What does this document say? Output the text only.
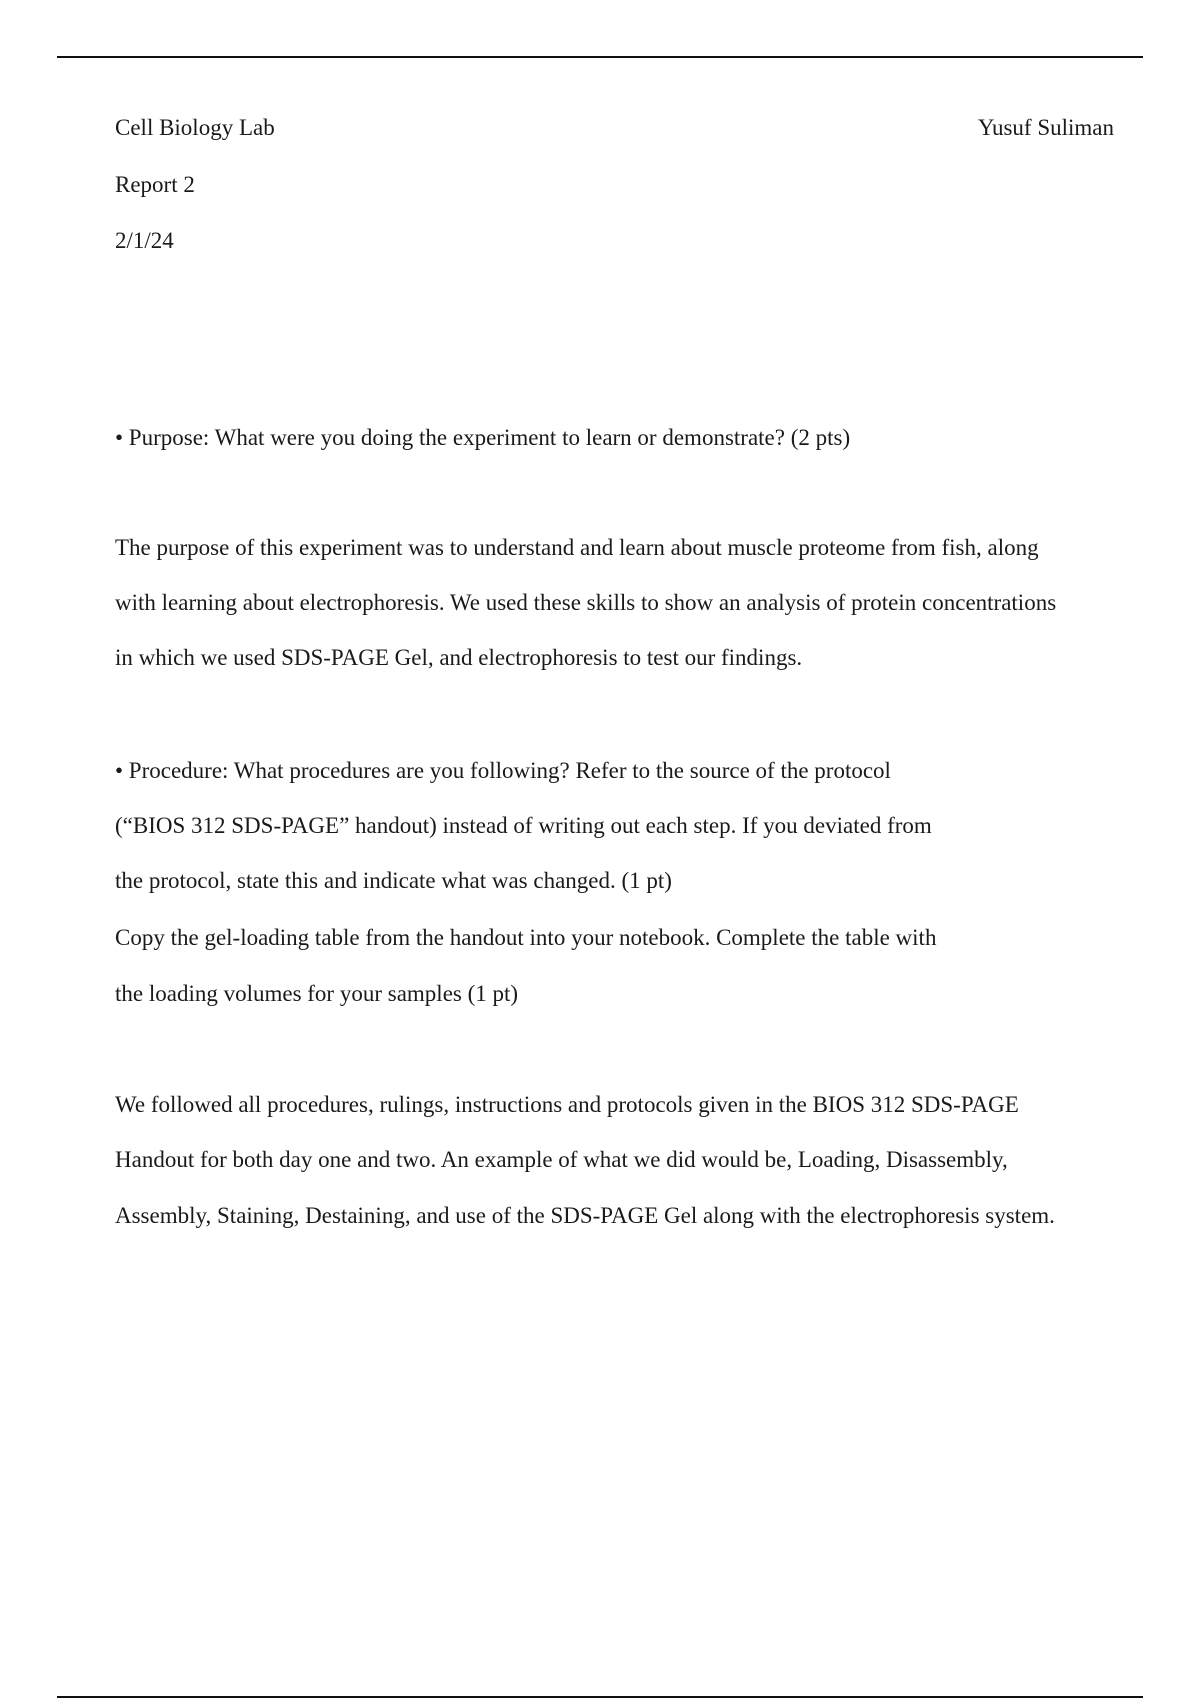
Cell Biology Lab	Yusuf Suliman
Report 2
2/1/24
• Purpose: What were you doing the experiment to learn or demonstrate? (2 pts)
The purpose of this experiment was to understand and learn about muscle proteome from fish, along
with learning about electrophoresis. We used these skills to show an analysis of protein concentrations
in which we used SDS-PAGE Gel, and electrophoresis to test our findings.
• Procedure: What procedures are you following? Refer to the source of the protocol
(“BIOS 312 SDS-PAGE” handout) instead of writing out each step. If you deviated from
the protocol, state this and indicate what was changed. (1 pt)
Copy the gel-loading table from the handout into your notebook. Complete the table with
the loading volumes for your samples (1 pt)
We followed all procedures, rulings, instructions and protocols given in the BIOS 312 SDS-PAGE
Handout for both day one and two. An example of what we did would be, Loading, Disassembly,
Assembly, Staining, Destaining, and use of the SDS-PAGE Gel along with the electrophoresis system.
